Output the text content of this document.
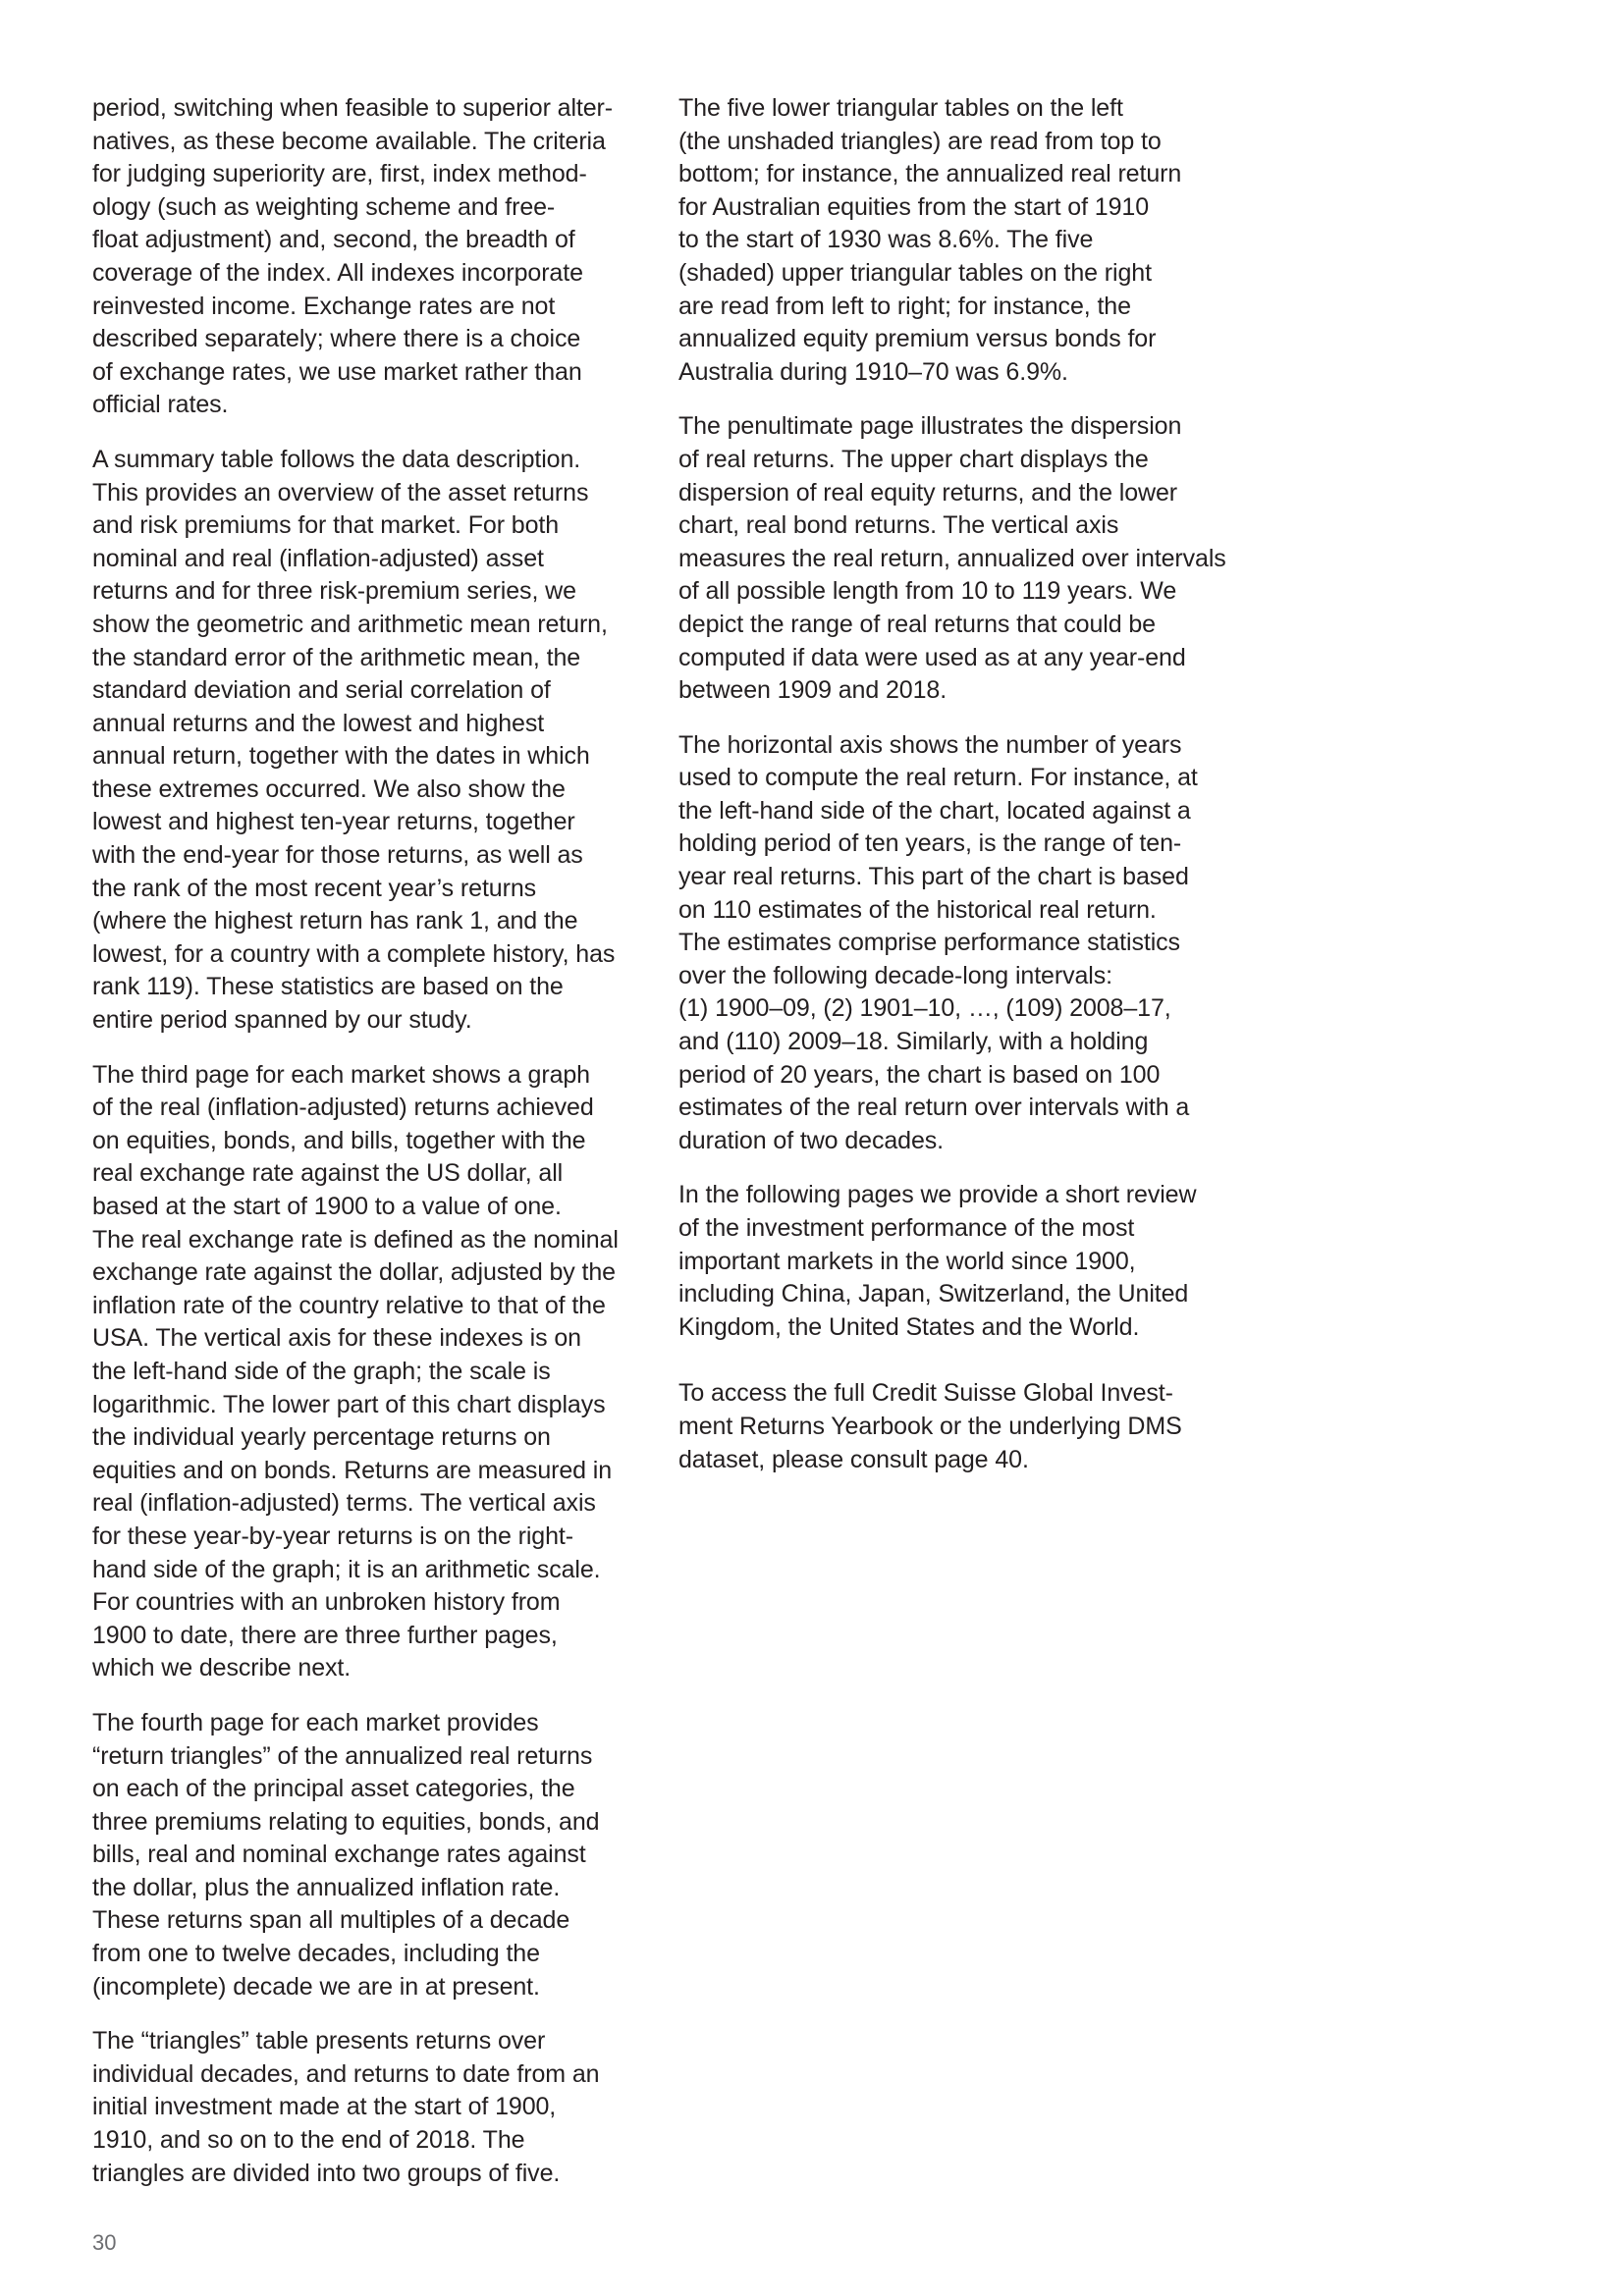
period, switching when feasible to superior alter-
natives, as these become available. The criteria
for judging superiority are, first, index method-
ology (such as weighting scheme and free-
float adjustment) and, second, the breadth of
coverage of the index. All indexes incorporate
reinvested income. Exchange rates are not
described separately; where there is a choice
of exchange rates, we use market rather than
official rates.
A summary table follows the data description.
This provides an overview of the asset returns
and risk premiums for that market. For both
nominal and real (inflation-adjusted) asset
returns and for three risk-premium series, we
show the geometric and arithmetic mean return,
the standard error of the arithmetic mean, the
standard deviation and serial correlation of
annual returns and the lowest and highest
annual return, together with the dates in which
these extremes occurred. We also show the
lowest and highest ten-year returns, together
with the end-year for those returns, as well as
the rank of the most recent year’s returns
(where the highest return has rank 1, and the
lowest, for a country with a complete history, has
rank 119). These statistics are based on the
entire period spanned by our study.
The third page for each market shows a graph
of the real (inflation-adjusted) returns achieved
on equities, bonds, and bills, together with the
real exchange rate against the US dollar, all
based at the start of 1900 to a value of one.
The real exchange rate is defined as the nominal
exchange rate against the dollar, adjusted by the
inflation rate of the country relative to that of the
USA. The vertical axis for these indexes is on
the left-hand side of the graph; the scale is
logarithmic. The lower part of this chart displays
the individual yearly percentage returns on
equities and on bonds. Returns are measured in
real (inflation-adjusted) terms. The vertical axis
for these year-by-year returns is on the right-
hand side of the graph; it is an arithmetic scale.
For countries with an unbroken history from
1900 to date, there are three further pages,
which we describe next.
The fourth page for each market provides
“return triangles” of the annualized real returns
on each of the principal asset categories, the
three premiums relating to equities, bonds, and
bills, real and nominal exchange rates against
the dollar, plus the annualized inflation rate.
These returns span all multiples of a decade
from one to twelve decades, including the
(incomplete) decade we are in at present.
The “triangles” table presents returns over
individual decades, and returns to date from an
initial investment made at the start of 1900,
1910, and so on to the end of 2018. The
triangles are divided into two groups of five.
The five lower triangular tables on the left
(the unshaded triangles) are read from top to
bottom; for instance, the annualized real return
for Australian equities from the start of 1910
to the start of 1930 was 8.6%. The five
(shaded) upper triangular tables on the right
are read from left to right; for instance, the
annualized equity premium versus bonds for
Australia during 1910–70 was 6.9%.
The penultimate page illustrates the dispersion
of real returns. The upper chart displays the
dispersion of real equity returns, and the lower
chart, real bond returns. The vertical axis
measures the real return, annualized over intervals
of all possible length from 10 to 119 years. We
depict the range of real returns that could be
computed if data were used as at any year-end
between 1909 and 2018.
The horizontal axis shows the number of years
used to compute the real return. For instance, at
the left-hand side of the chart, located against a
holding period of ten years, is the range of ten-
year real returns. This part of the chart is based
on 110 estimates of the historical real return.
The estimates comprise performance statistics
over the following decade-long intervals:
(1) 1900–09, (2) 1901–10, …, (109) 2008–17,
and (110) 2009–18. Similarly, with a holding
period of 20 years, the chart is based on 100
estimates of the real return over intervals with a
duration of two decades.
In the following pages we provide a short review
of the investment performance of the most
important markets in the world since 1900,
including China, Japan, Switzerland, the United
Kingdom, the United States and the World.
To access the full Credit Suisse Global Invest-
ment Returns Yearbook or the underlying DMS
dataset, please consult page 40.
30
